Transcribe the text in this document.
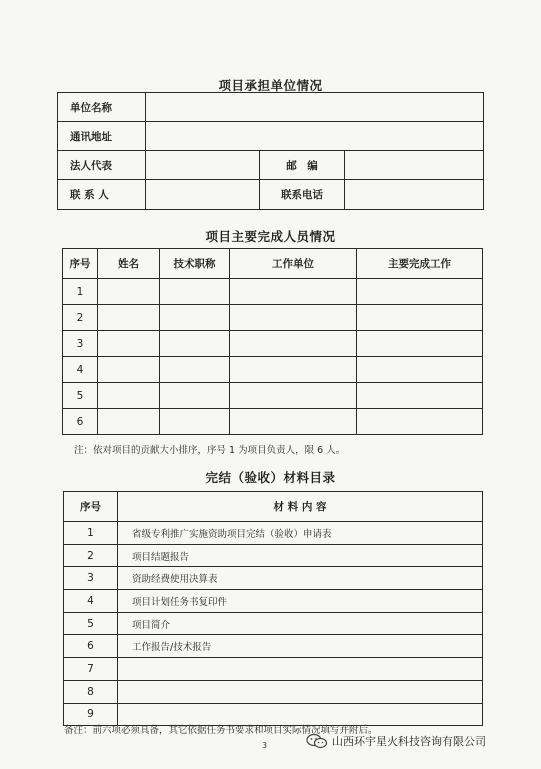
项目承担单位情况
单位名称			
通讯地址			
法人代表		邮　编	
联 系 人		联系电话	
项目主要完成人员情况
序号	姓名	技术职称	工作单位	主要完成工作
1				
2				
3				
4				
5				
6				
注：依对项目的贡献大小排序，序号 1 为项目负责人，限 6 人。
完结（验收）材料目录
序号	材 料 内 容
1	省级专利推广实施资助项目完结（验收）申请表
2	项目结题报告
3	资助经费使用决算表
4	项目计划任务书复印件
5	项目简介
6	工作报告/技术报告
7	
8	
9	
备注：前六项必须具备，其它依据任务书要求和项目实际情况填写并附后。
3	山西环宇星火科技咨询有限公司
